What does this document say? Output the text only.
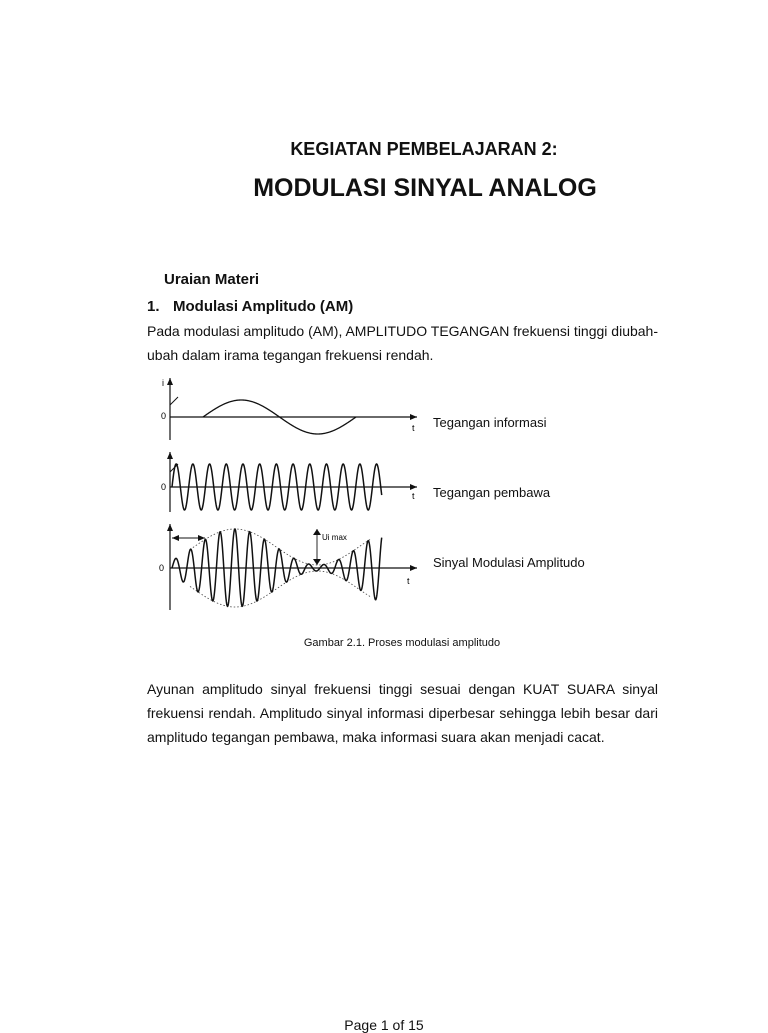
KEGIATAN PEMBELAJARAN 2:
MODULASI SINYAL ANALOG
Uraian Materi
1. Modulasi Amplitudo (AM)
Pada modulasi amplitudo (AM), AMPLITUDO TEGANGAN frekuensi tinggi diubah-ubah dalam irama tegangan frekuensi rendah.
i
0
t
0
t
0
t
Ui max
Tegangan informasi
Tegangan pembawa
Sinyal Modulasi Amplitudo
Gambar 2.1. Proses modulasi amplitudo
Ayunan amplitudo sinyal frekuensi tinggi sesuai dengan KUAT SUARA sinyal frekuensi rendah. Amplitudo sinyal informasi diperbesar sehingga lebih besar dari amplitudo tegangan pembawa, maka informasi suara akan menjadi cacat.
Page 1 of 15
